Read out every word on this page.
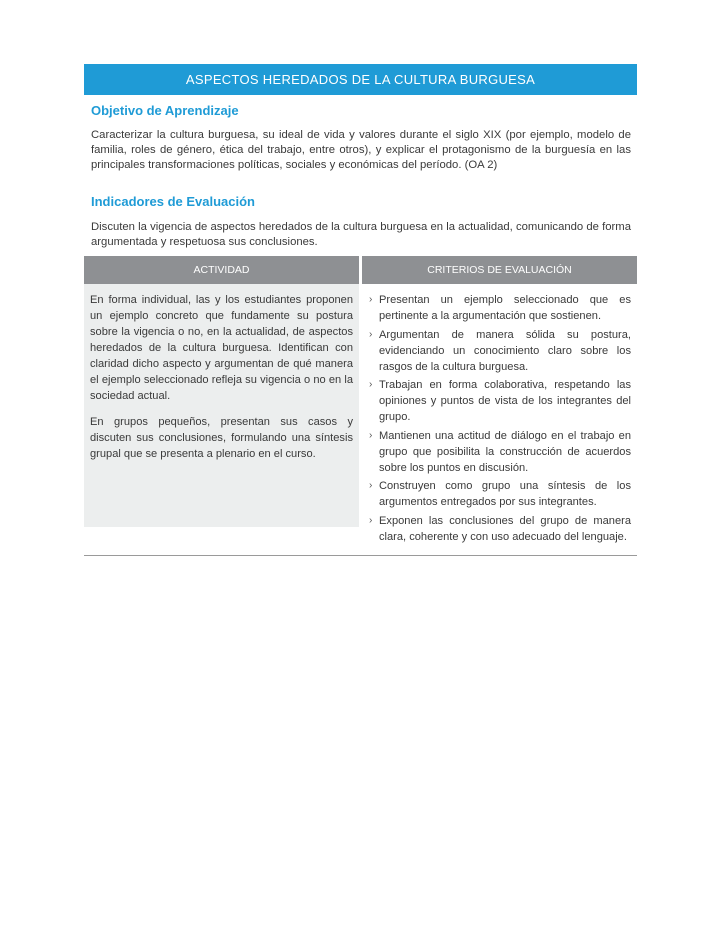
ASPECTOS HEREDADOS DE LA CULTURA BURGUESA
Objetivo de Aprendizaje

Caracterizar la cultura burguesa, su ideal de vida y valores durante el siglo XIX (por ejemplo, modelo de familia, roles de género, ética del trabajo, entre otros), y explicar el protagonismo de la burguesía en las principales transformaciones políticas, sociales y económicas del período. (OA 2)

Indicadores de Evaluación

Discuten la vigencia de aspectos heredados de la cultura burguesa en la actualidad, comunicando de forma argumentada y respetuosa sus conclusiones.

ACTIVIDAD	CRITERIOS DE EVALUACIÓN

En forma individual, las y los estudiantes proponen un ejemplo concreto que fundamente su postura sobre la vigencia o no, en la actualidad, de aspectos heredados de la cultura burguesa. Identifican con claridad dicho aspecto y argumentan de qué manera el ejemplo seleccionado refleja su vigencia o no en la sociedad actual.

En grupos pequeños, presentan sus casos y discuten sus conclusiones, formulando una síntesis grupal que se presenta a plenario en el curso.

› Presentan un ejemplo seleccionado que es pertinente a la argumentación que sostienen.
› Argumentan de manera sólida su postura, evidenciando un conocimiento claro sobre los rasgos de la cultura burguesa.
› Trabajan en forma colaborativa, respetando las opiniones y puntos de vista de los integrantes del grupo.
› Mantienen una actitud de diálogo en el trabajo en grupo que posibilita la construcción de acuerdos sobre los puntos en discusión.
› Construyen como grupo una síntesis de los argumentos entregados por sus integrantes.
› Exponen las conclusiones del grupo de manera clara, coherente y con uso adecuado del lenguaje.
